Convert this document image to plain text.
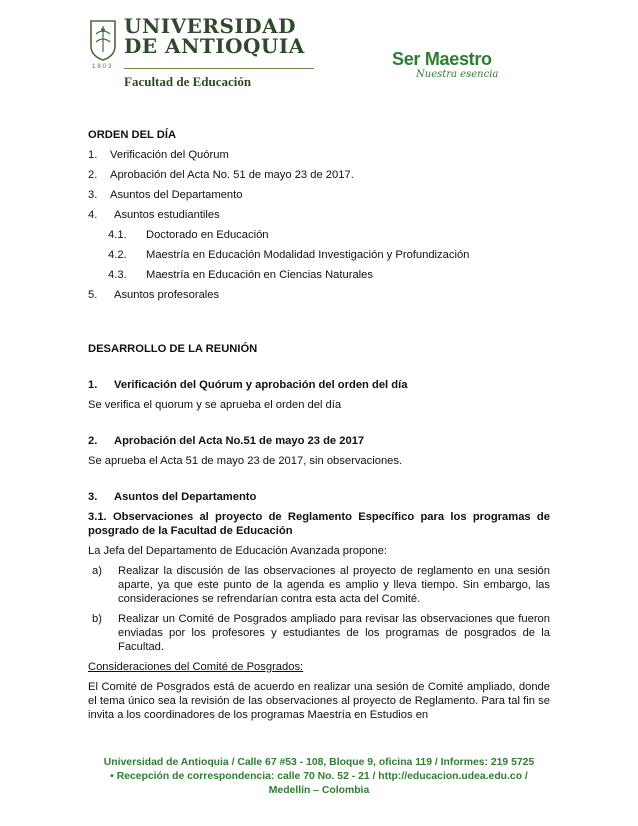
1803
UNIVERSIDAD
DE ANTIOQUIA
Facultad de Educación
Ser Maestro
Nuestra esencia

ORDEN DEL DÍA

1.	Verificación del Quórum
2.	Aprobación del Acta No. 51 de mayo 23 de 2017.
3.	Asuntos del Departamento
4.	Asuntos estudiantiles
4.1.	Doctorado en Educación
4.2.	Maestría en Educación Modalidad Investigación y Profundización
4.3.	Maestría en Educación en Ciencias Naturales
5.	Asuntos profesorales

DESARROLLO DE LA REUNIÓN

1.	Verificación del Quórum y aprobación del orden del día

Se verifica el quorum y se aprueba el orden del día

2.	Aprobación del Acta No.51 de mayo 23 de 2017

Se aprueba el Acta 51 de mayo 23 de 2017, sin observaciones.

3.	Asuntos del Departamento

3.1. Observaciones al proyecto de Reglamento Específico para los programas de posgrado de la Facultad de Educación

La Jefa del Departamento de Educación Avanzada propone:

a)	Realizar la discusión de las observaciones al proyecto de reglamento en una sesión aparte, ya que este punto de la agenda es amplio y lleva tiempo. Sin embargo, las consideraciones se refrendarían contra esta acta del Comité.
b)	Realizar un Comité de Posgrados ampliado para revisar las observaciones que fueron enviadas por los profesores y estudiantes de los programas de posgrados de la Facultad.

Consideraciones del Comité de Posgrados:

El Comité de Posgrados está de acuerdo en realizar una sesión de Comité ampliado, donde el tema único sea la revisión de las observaciones al proyecto de Reglamento. Para tal fin se invita a los coordinadores de los programas Maestría en Estudios en

Universidad de Antioquia / Calle 67 #53 - 108, Bloque 9, oficina 119 / Informes: 219 5725
• Recepción de correspondencia: calle 70 No. 52 - 21 / http://educacion.udea.edu.co /
Medellín – Colombia
